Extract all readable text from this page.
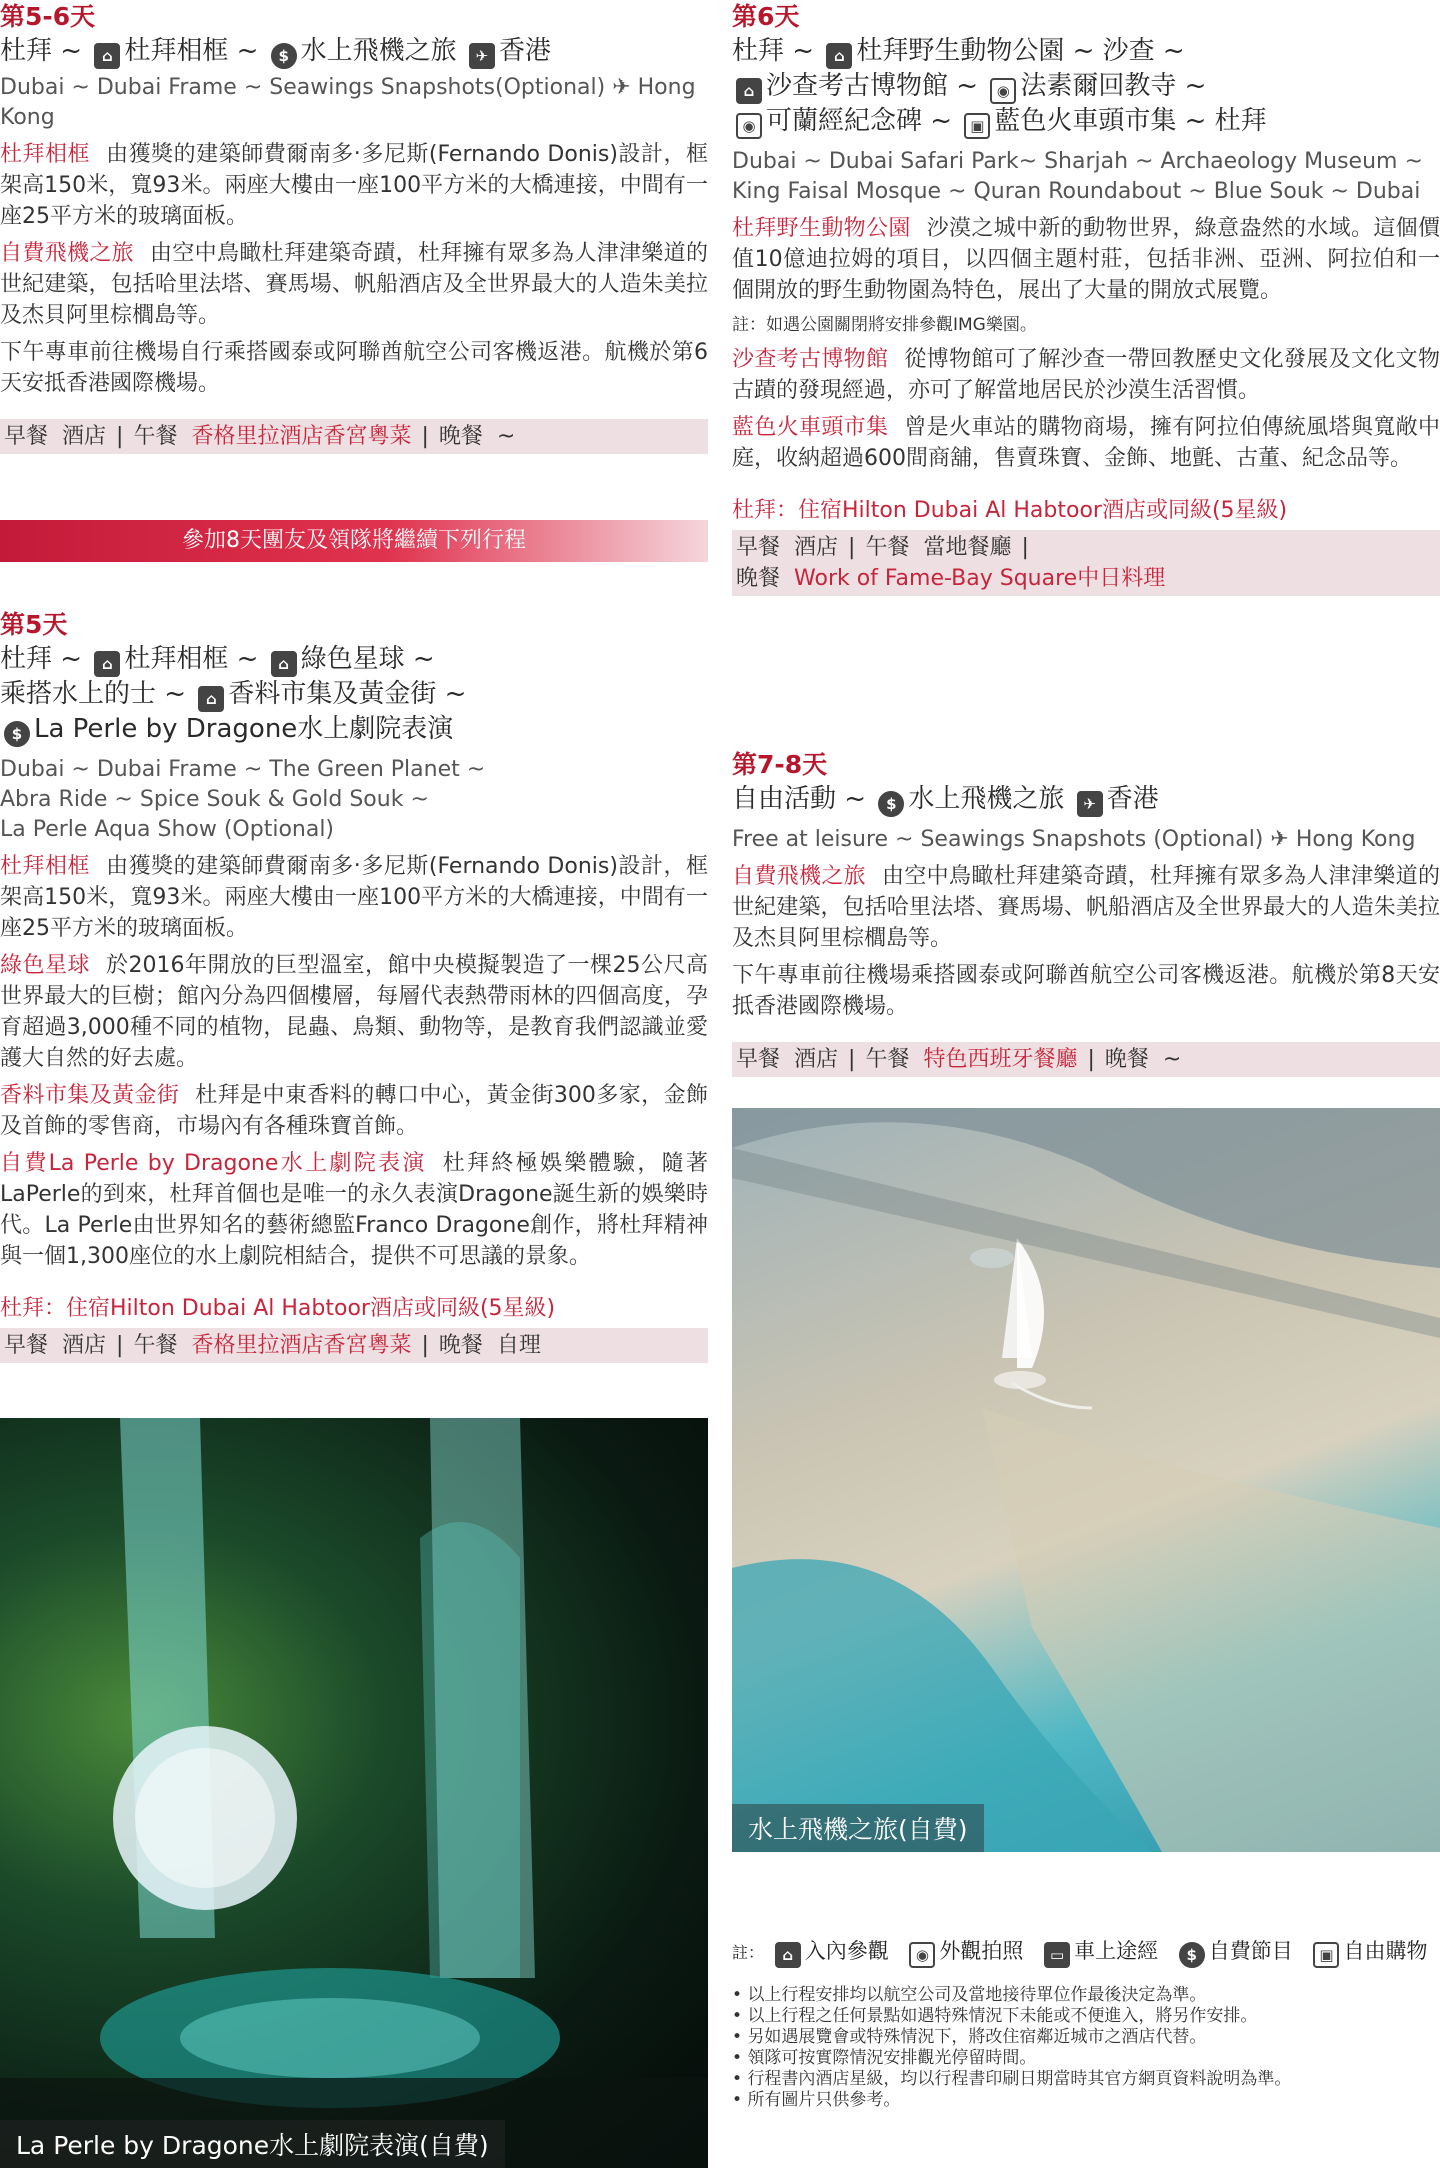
第5-6天

杜拜 ~ ⌂ 杜拜相框 ~ $ 水上飛機之旅 ✈ 香港

Dubai ~ Dubai Frame ~ Seawings Snapshots(Optional) ✈ Hong Kong

杜拜相框 由獲獎的建築師費爾南多‧多尼斯(Fernando Donis)設計，框架高150米，寬93米。兩座大樓由一座100平方米的大橋連接，中間有一座25平方米的玻璃面板。

自費飛機之旅 由空中鳥瞰杜拜建築奇蹟，杜拜擁有眾多為人津津樂道的世紀建築，包括哈里法塔、賽馬場、帆船酒店及全世界最大的人造朱美拉及杰貝阿里棕櫚島等。

下午專車前往機場自行乘搭國泰或阿聯酋航空公司客機返港。航機於第6天安抵香港國際機場。

早餐 酒店 | 午餐 香格里拉酒店香宮粵菜 | 晚餐 ~
參加8天團友及領隊將繼續下列行程

第5天

杜拜 ~ ⌂ 杜拜相框 ~ ⌂ 綠色星球 ~

乘搭水上的士 ~ ⌂ 香料市集及黃金街 ~

$ La Perle by Dragone水上劇院表演

Dubai ~ Dubai Frame ~ The Green Planet ~

Abra Ride ~ Spice Souk & Gold Souk ~

La Perle Aqua Show (Optional)

杜拜相框 由獲獎的建築師費爾南多‧多尼斯(Fernando Donis)設計，框架高150米，寬93米。兩座大樓由一座100平方米的大橋連接，中間有一座25平方米的玻璃面板。

綠色星球 於2016年開放的巨型溫室，館中央模擬製造了一棵25公尺高世界最大的巨樹；館內分為四個樓層，每層代表熱帶雨林的四個高度，孕育超過3,000種不同的植物，昆蟲、鳥類、動物等，是教育我們認識並愛護大自然的好去處。

香料市集及黃金街 杜拜是中東香料的轉口中心，黃金街300多家，金飾及首飾的零售商，市場內有各種珠寶首飾。

自費La Perle by Dragone水上劇院表演 杜拜終極娛樂體驗，隨著LaPerle的到來，杜拜首個也是唯一的永久表演Dragone誕生新的娛樂時代。La Perle由世界知名的藝術總監Franco Dragone創作，將杜拜精神與一個1,300座位的水上劇院相結合，提供不可思議的景象。

杜拜：住宿Hilton Dubai Al Habtoor酒店或同級(5星級)

早餐 酒店 | 午餐 香格里拉酒店香宮粵菜 | 晚餐 自理
La Perle by Dragone水上劇院表演(自費)

第6天

杜拜 ~ ⌂ 杜拜野生動物公園 ~ 沙查 ~

⌂ 沙查考古博物館 ~ ◉ 法素爾回教寺 ~

◉ 可蘭經紀念碑 ~ ▣ 藍色火車頭市集 ~ 杜拜

Dubai ~ Dubai Safari Park~ Sharjah ~ Archaeology Museum ~

King Faisal Mosque ~ Quran Roundabout ~ Blue Souk ~ Dubai

杜拜野生動物公園 沙漠之城中新的動物世界，綠意盎然的水域。這個價值10億迪拉姆的項目，以四個主題村莊，包括非洲、亞洲、阿拉伯和一個開放的野生動物園為特色，展出了大量的開放式展覽。

註：如遇公園關閉將安排參觀IMG樂園。

沙查考古博物館 從博物館可了解沙查一帶回教歷史文化發展及文化文物古蹟的發現經過，亦可了解當地居民於沙漠生活習慣。

藍色火車頭市集 曾是火車站的購物商場，擁有阿拉伯傳統風塔與寬敞中庭，收納超過600間商舖，售賣珠寶、金飾、地氈、古董、紀念品等。

杜拜：住宿Hilton Dubai Al Habtoor酒店或同級(5星級)

早餐 酒店 | 午餐 當地餐廳 |
晚餐 Work of Fame-Bay Square中日料理

第7-8天

自由活動 ~ $ 水上飛機之旅 ✈ 香港

Free at leisure ~ Seawings Snapshots (Optional) ✈ Hong Kong

自費飛機之旅 由空中鳥瞰杜拜建築奇蹟，杜拜擁有眾多為人津津樂道的世紀建築，包括哈里法塔、賽馬場、帆船酒店及全世界最大的人造朱美拉及杰貝阿里棕櫚島等。

下午專車前往機場乘搭國泰或阿聯酋航空公司客機返港。航機於第8天安抵香港國際機場。

早餐 酒店 | 午餐 特色西班牙餐廳 | 晚餐 ~
水上飛機之旅(自費)
註： ⌂ 入內參觀 ◉ 外觀拍照 ▭ 車上途經 $ 自費節目 ▣ 自由購物
• 以上行程安排均以航空公司及當地接待單位作最後決定為準。
• 以上行程之任何景點如遇特殊情況下未能或不便進入，將另作安排。
• 另如遇展覽會或特殊情況下，將改住宿鄰近城市之酒店代替。
• 領隊可按實際情況安排觀光停留時間。
• 行程書內酒店星級，均以行程書印刷日期當時其官方網頁資料說明為準。
• 所有圖片只供參考。
